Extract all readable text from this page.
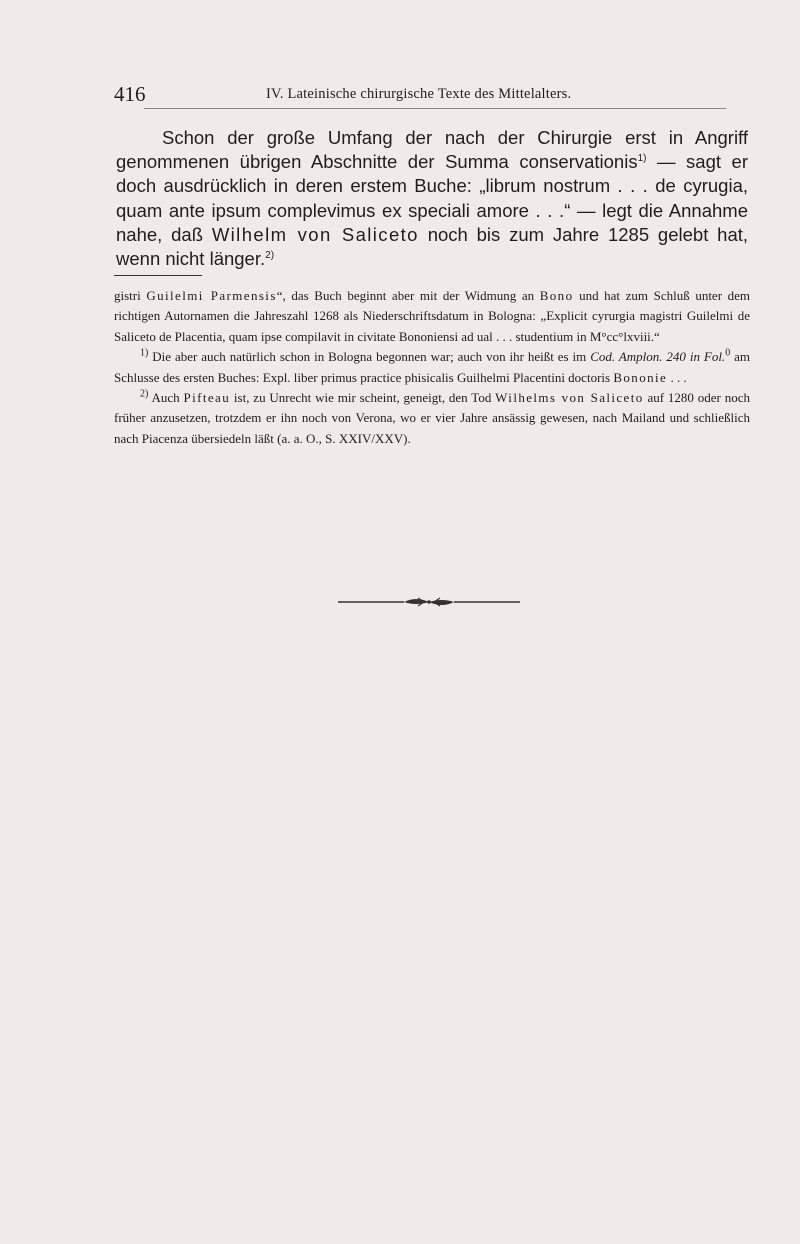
416	IV. Lateinische chirurgische Texte des Mittelalters.
Schon der große Umfang der nach der Chirurgie erst in Angriff genommenen übrigen Abschnitte der Summa conservationis$^{1)}$ — sagt er doch ausdrücklich in deren erstem Buche: „librum nostrum . . . de cyrugia, quam ante ipsum complevimus ex speciali amore . . .“ — legt die Annahme nahe, daß Wilhelm von Saliceto noch bis zum Jahre 1285 gelebt hat, wenn nicht länger.$^{2)}$

gistri Guilelmi Parmensis“, das Buch beginnt aber mit der Widmung an Bono und hat zum Schluß unter dem richtigen Autornamen die Jahreszahl 1268 als Niederschriftsdatum in Bologna: „Explicit cyrurgia magistri Guilelmi de Saliceto de Placentia, quam ipse compilavit in civitate Bononiensi ad ual . . . studentium in M°cc°lxviii.“

$^{1)}$ Die aber auch natürlich schon in Bologna begonnen war; auch von ihr heißt es im Cod. Amplon. 240 in Fol.$^0$ am Schlusse des ersten Buches: Expl. liber primus practice phisicalis Guilhelmi Placentini doctoris Bononie . . .

$^{2)}$ Auch Pifteau ist, zu Unrecht wie mir scheint, geneigt, den Tod Wilhelms von Saliceto auf 1280 oder noch früher anzusetzen, trotzdem er ihn noch von Verona, wo er vier Jahre ansässig gewesen, nach Mailand und schließlich nach Piacenza übersiedeln läßt (a. a. O., S. XXIV/XXV).
